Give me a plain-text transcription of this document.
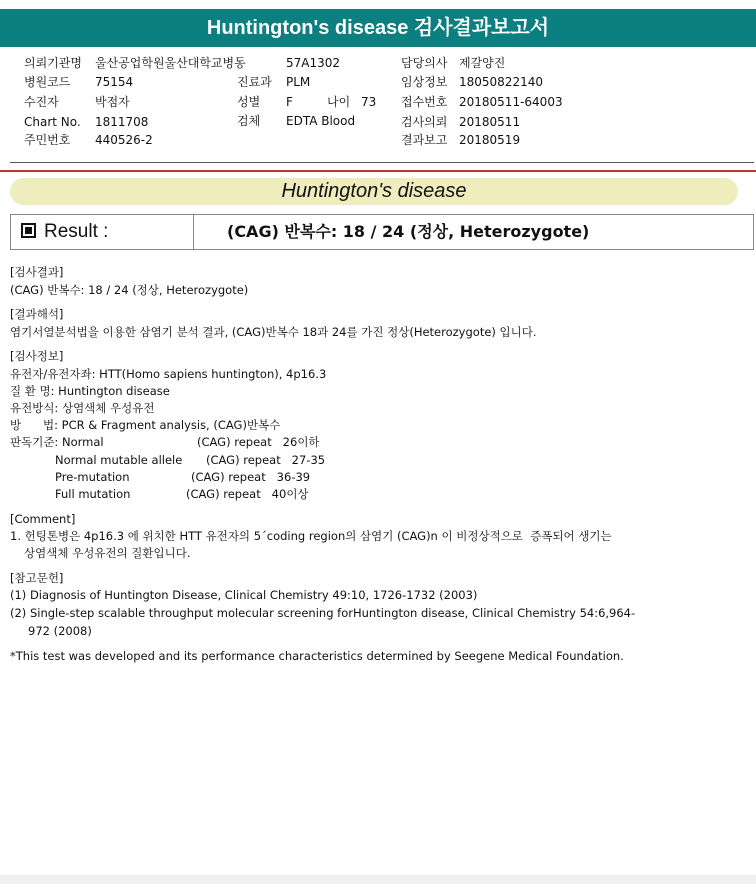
Huntington's disease 검사결과보고서
의뢰기관명 울산공업학원울산대학교병동	57A1302	담당의사 제갈양진
병원코드 75154	진료과 PLM	임상정보 18050822140
수진자	박점자	성별 F	나이 73 접수번호 20180511-64003
Chart No. 1811708	검체 EDTA Blood	검사의뢰 20180511
주민번호 440526-2	결과보고 20180519
Huntington's disease
Result :	(CAG) 반복수: 18 / 24 (정상, Heterozygote)
[검사결과]
(CAG) 반복수: 18 / 24 (정상, Heterozygote)
[결과해석]
염기서열분석법을 이용한 삼염기 분석 결과, (CAG)반복수 18과 24를 가진 정상(Heterozygote) 입니다.
[검사정보]
유전자/유전자좌: HTT(Homo sapiens huntington), 4p16.3
질 환 명: Huntington disease
유전방식: 상염색체 우성유전
방      법: PCR & Fragment analysis, (CAG)반복수
판독기준: Normal	(CAG) repeat   26이하
Normal mutable allele (CAG) repeat   27-35
Pre-mutation	(CAG) repeat   36-39
Full mutation	(CAG) repeat   40이상
[Comment]
1. 헌팅톤병은 4p16.3 에 위치한 HTT 유전자의 5´coding region의 삼염기 (CAG)n 이 비정상적으로  증폭되어 생기는
상염색체 우성유전의 질환입니다.
[참고문헌]
(1) Diagnosis of Huntington Disease, Clinical Chemistry 49:10, 1726-1732 (2003)
(2) Single-step scalable throughput molecular screening forHuntington disease, Clinical Chemistry 54:6,964-
972 (2008)
*This test was developed and its performance characteristics determined by Seegene Medical Foundation.
